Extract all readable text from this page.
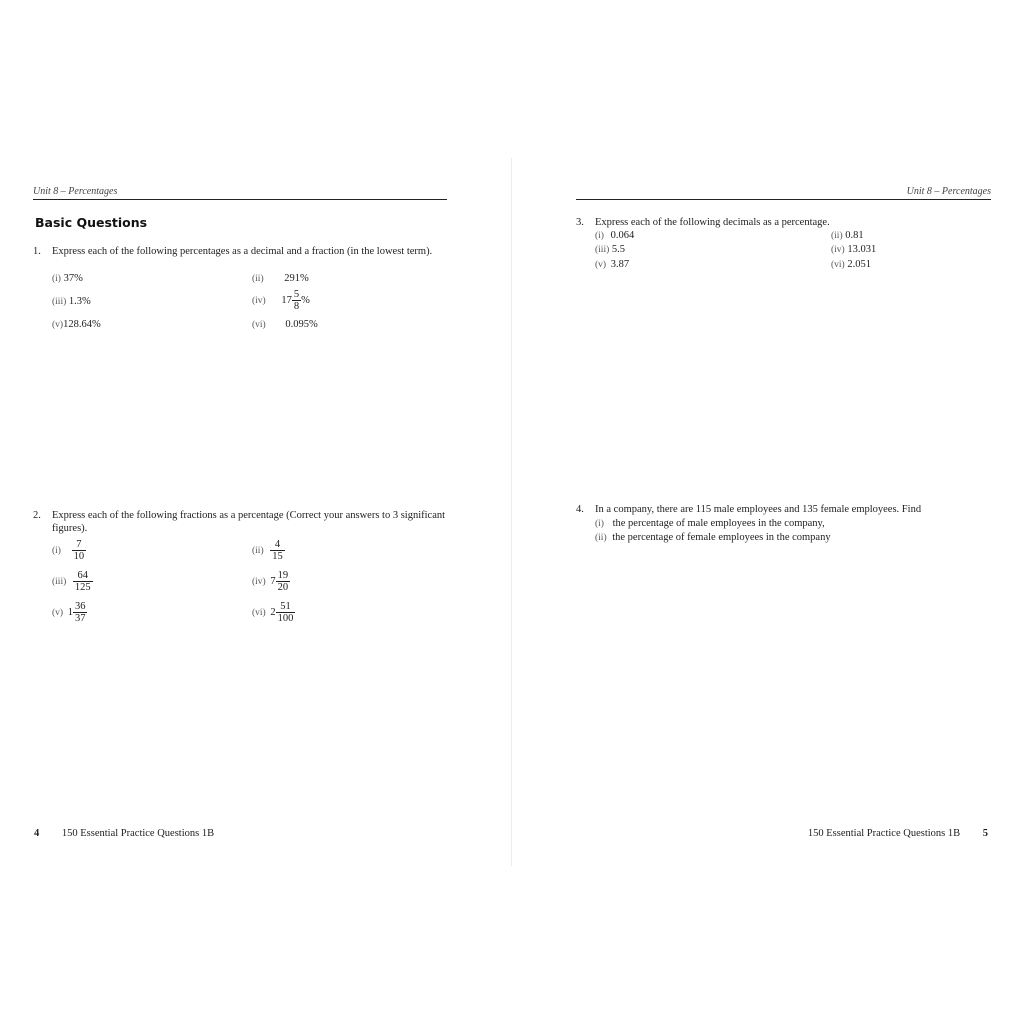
Unit 8 – Percentages
Basic Questions
1. Express each of the following percentages as a decimal and a fraction (in the lowest term).
(i) 37%	(ii) 291%
(iii) 1.3%	(iv) $17 \frac{5}{8}$ %
(v)128.64%	(vi) 0.095%
2. Express each of the following fractions as a percentage (Correct your answers to 3 significant figures).
$(i) \frac{7}{10}$	$(ii) \frac{4}{15}$
$(iii) \frac{64}{125}$	(iv) $7 \frac{19}{20}$
(v) $1 \frac{36}{37}$	(vi) $2 \frac{51}{100}$
4 150 Essential Practice Questions 1B
Unit 8 – Percentages
3. Express each of the following decimals as a percentage.
(i) 0.064	(ii) 0.81
(iii) 5.5	(iv) 13.031
(v) 3.87	(vi) 2.051
4. In a company, there are 115 male employees and 135 female employees. Find
(i) the percentage of male employees in the company,
(ii) the percentage of female employees in the company
150 Essential Practice Questions 1B 5
